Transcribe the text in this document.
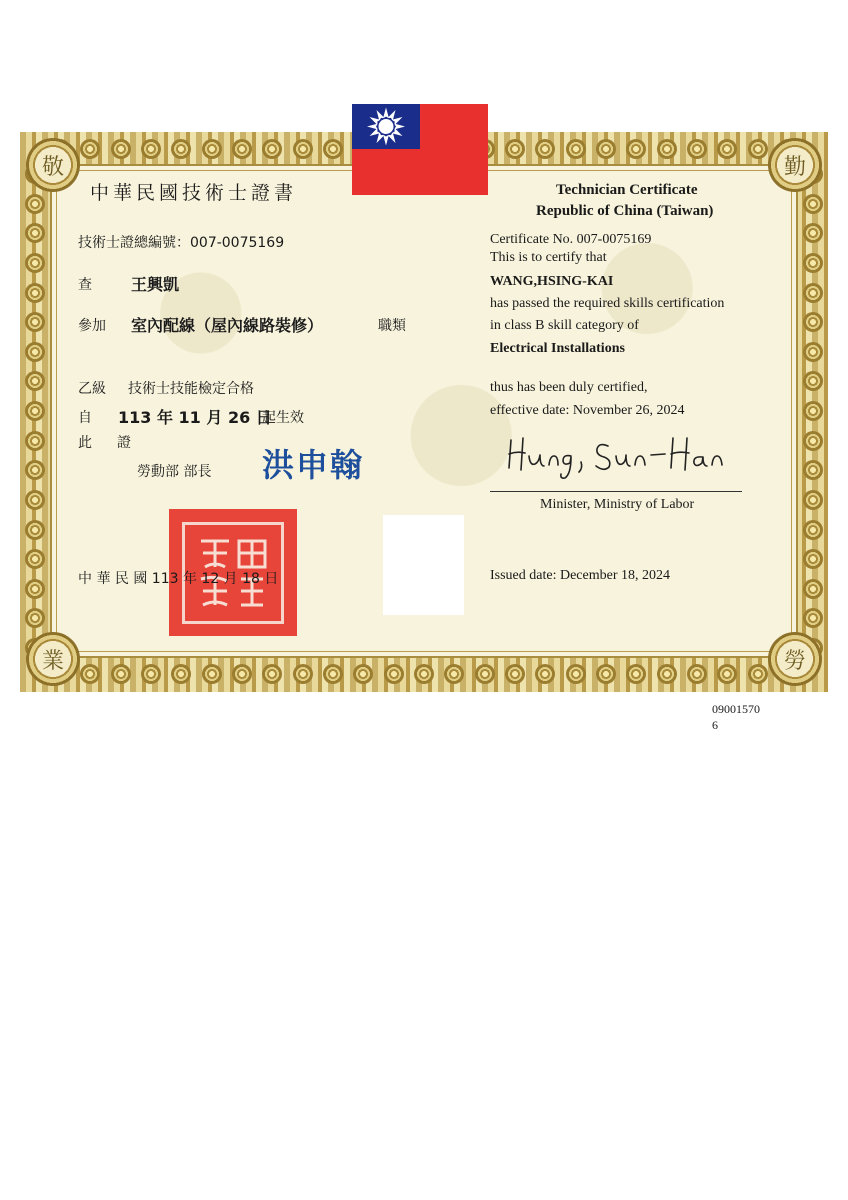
敬	勤
業	勞
中華民國技術士證書	Technician Certificate
Republic of China (Taiwan)
技術士證總編號：007-0075169	Certificate No. 007-0075169
This is to certify that
查 王興凱	WANG,HSING-KAI
參加 室內配線（屋內線路裝修）	職類
has passed the required skills certification
in class B skill category of
Electrical Installations
乙級 技術士技能檢定合格	thus has been duly certified,
自 113 年 11 月 26 日
起生效	effective date: November 26, 2024
此 證
勞動部 部長 洪申翰
Minister, Ministry of Labor
中 華 民 國 113 年 12 月 18 日	Issued date: December 18, 2024
09001570
6
